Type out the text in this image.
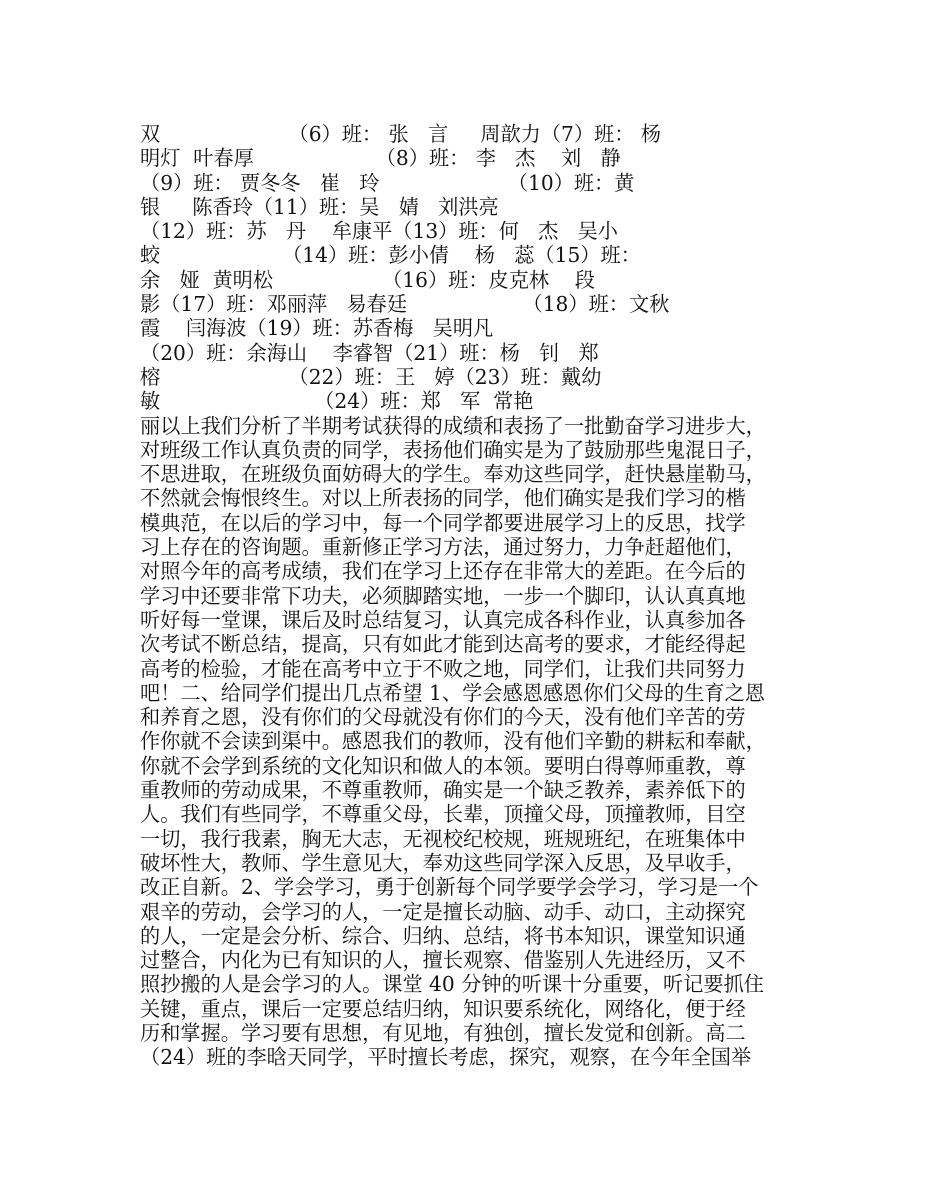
双                    （6）班： 张   言     周歆力（7）班： 杨
明灯  叶春厚                   （8）班： 李   杰    刘   静
（9）班： 贾冬冬   崔   玲                    （10）班：黄
银     陈香玲（11）班：吴   婧   刘洪亮
（12）班：苏   丹    牟康平（13）班：何   杰   吴小
蛟                   （14）班：彭小倩    杨   蕊（15）班：
余   娅  黄明松                 （16）班：皮克林    段
影（17）班：邓丽萍   易春廷                  （18）班：文秋
霞    闫海波（19）班：苏香梅   吴明凡
（20）班：余海山    李睿智（21）班：杨   钊   郑
榕                    （22）班：王   婷（23）班：戴幼
敏                        （24）班：郑   军  常艳
丽以上我们分析了半期考试获得的成绩和表扬了一批勤奋学习进步大，
对班级工作认真负责的同学，表扬他们确实是为了鼓励那些鬼混日子，
不思进取，在班级负面妨碍大的学生。奉劝这些同学，赶快悬崖勒马，
不然就会悔恨终生。对以上所表扬的同学，他们确实是我们学习的楷
模典范，在以后的学习中，每一个同学都要进展学习上的反思，找学
习上存在的咨询题。重新修正学习方法，通过努力，力争赶超他们，
对照今年的高考成绩，我们在学习上还存在非常大的差距。在今后的
学习中还要非常下功夫，必须脚踏实地，一步一个脚印，认认真真地
听好每一堂课，课后及时总结复习，认真完成各科作业，认真参加各
次考试不断总结，提高，只有如此才能到达高考的要求，才能经得起
高考的检验，才能在高考中立于不败之地，同学们，让我们共同努力
吧！二、给同学们提出几点希望 1、学会感恩感恩你们父母的生育之恩
和养育之恩，没有你们的父母就没有你们的今天，没有他们辛苦的劳
作你就不会读到渠中。感恩我们的教师，没有他们辛勤的耕耘和奉献，
你就不会学到系统的文化知识和做人的本领。要明白得尊师重教，尊
重教师的劳动成果，不尊重教师，确实是一个缺乏教养，素养低下的
人。我们有些同学，不尊重父母，长辈，顶撞父母，顶撞教师，目空
一切，我行我素，胸无大志，无视校纪校规，班规班纪，在班集体中
破坏性大，教师、学生意见大，奉劝这些同学深入反思，及早收手，
改正自新。2、学会学习，勇于创新每个同学要学会学习，学习是一个
艰辛的劳动，会学习的人，一定是擅长动脑、动手、动口，主动探究
的人，一定是会分析、综合、归纳、总结，将书本知识，课堂知识通
过整合，内化为已有知识的人，擅长观察、借鉴别人先进经历，又不
照抄搬的人是会学习的人。课堂 40 分钟的听课十分重要，听记要抓住
关键，重点，课后一定要总结归纳，知识要系统化，网络化，便于经
历和掌握。学习要有思想，有见地，有独创，擅长发觉和创新。高二
（24）班的李晗天同学，平时擅长考虑，探究，观察，在今年全国举
